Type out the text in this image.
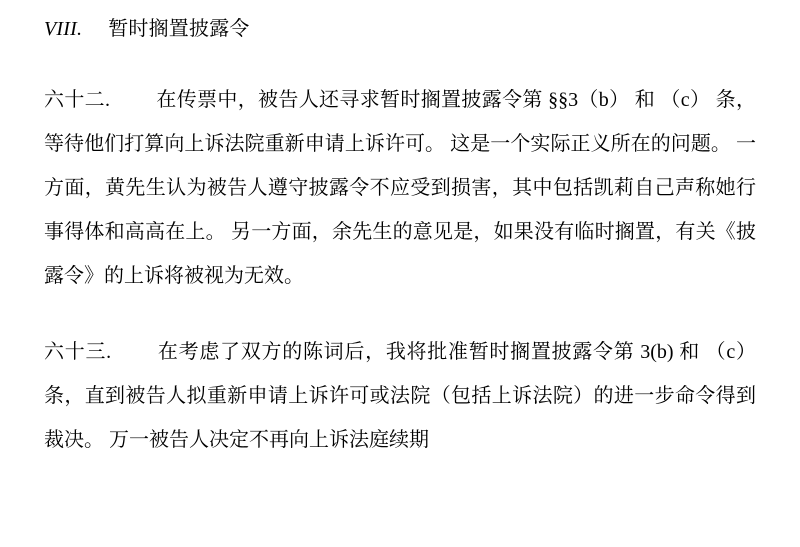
VIII. 暂时搁置披露令

六十二. 在传票中，被告人还寻求暂时搁置披露令第 §§3（b） 和 （c） 条，等待他们打算向上诉法院重新申请上诉许可。 这是一个实际正义所在的问题。 一方面，黄先生认为被告人遵守披露令不应受到损害，其中包括凯莉自己声称她行事得体和高高在上。 另一方面，余先生的意见是，如果没有临时搁置，有关《披露令》的上诉将被视为无效。

六十三. 在考虑了双方的陈词后，我将批准暂时搁置披露令第 3(b) 和 （c） 条，直到被告人拟重新申请上诉许可或法院（包括上诉法院）的进一步命令得到裁决。 万一被告人决定不再向上诉法庭续期
